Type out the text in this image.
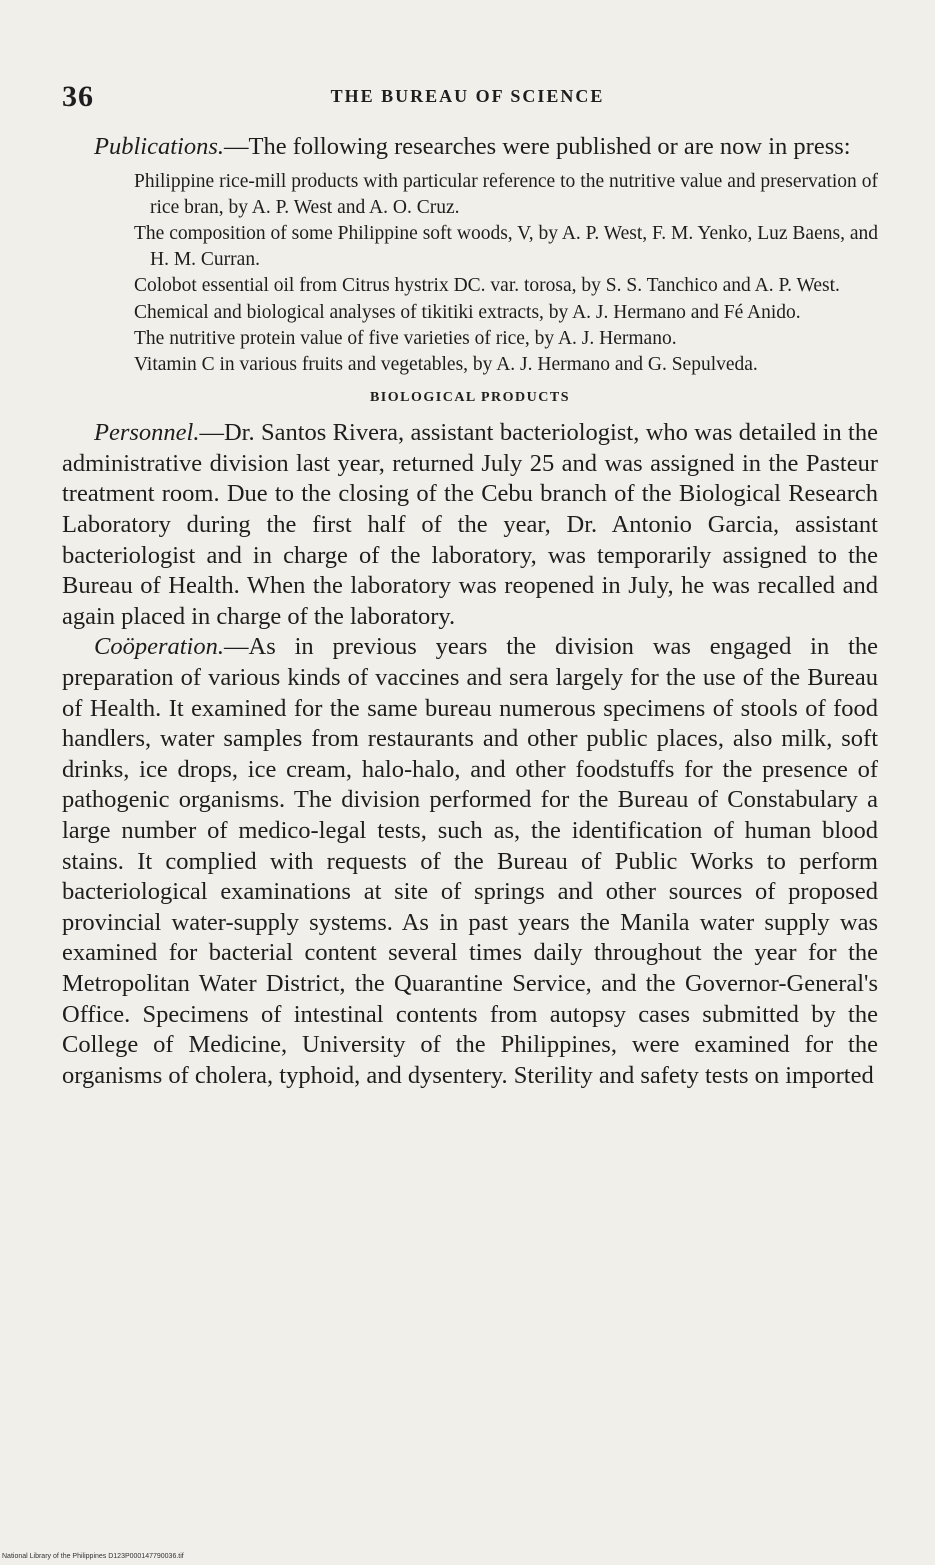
36	THE BUREAU OF SCIENCE

Publications.—The following researches were published or are now in press:

Philippine rice-mill products with particular reference to the nutritive value and preservation of rice bran, by A. P. West and A. O. Cruz.
The composition of some Philippine soft woods, V, by A. P. West, F. M. Yenko, Luz Baens, and H. M. Curran.
Colobot essential oil from Citrus hystrix DC. var. torosa, by S. S. Tanchico and A. P. West.
Chemical and biological analyses of tikitiki extracts, by A. J. Hermano and Fé Anido.
The nutritive protein value of five varieties of rice, by A. J. Hermano.
Vitamin C in various fruits and vegetables, by A. J. Hermano and G. Sepulveda.
BIOLOGICAL PRODUCTS

Personnel.—Dr. Santos Rivera, assistant bacteriologist, who was detailed in the administrative division last year, returned July 25 and was assigned in the Pasteur treatment room. Due to the closing of the Cebu branch of the Biological Research Laboratory during the first half of the year, Dr. Antonio Garcia, assistant bacteriologist and in charge of the laboratory, was temporarily assigned to the Bureau of Health. When the laboratory was reopened in July, he was recalled and again placed in charge of the laboratory.

Coöperation.—As in previous years the division was engaged in the preparation of various kinds of vaccines and sera largely for the use of the Bureau of Health. It examined for the same bureau numerous specimens of stools of food handlers, water samples from restaurants and other public places, also milk, soft drinks, ice drops, ice cream, halo-halo, and other foodstuffs for the presence of pathogenic organisms. The division performed for the Bureau of Constabulary a large number of medico-legal tests, such as, the identification of human blood stains. It complied with requests of the Bureau of Public Works to perform bacteriological examinations at site of springs and other sources of proposed provincial water-supply systems. As in past years the Manila water supply was examined for bacterial content several times daily throughout the year for the Metropolitan Water District, the Quarantine Service, and the Governor-General's Office. Specimens of intestinal contents from autopsy cases submitted by the College of Medicine, University of the Philippines, were examined for the organisms of cholera, typhoid, and dysentery. Sterility and safety tests on imported

National Library of the Philippines D123P000147790036.tif
